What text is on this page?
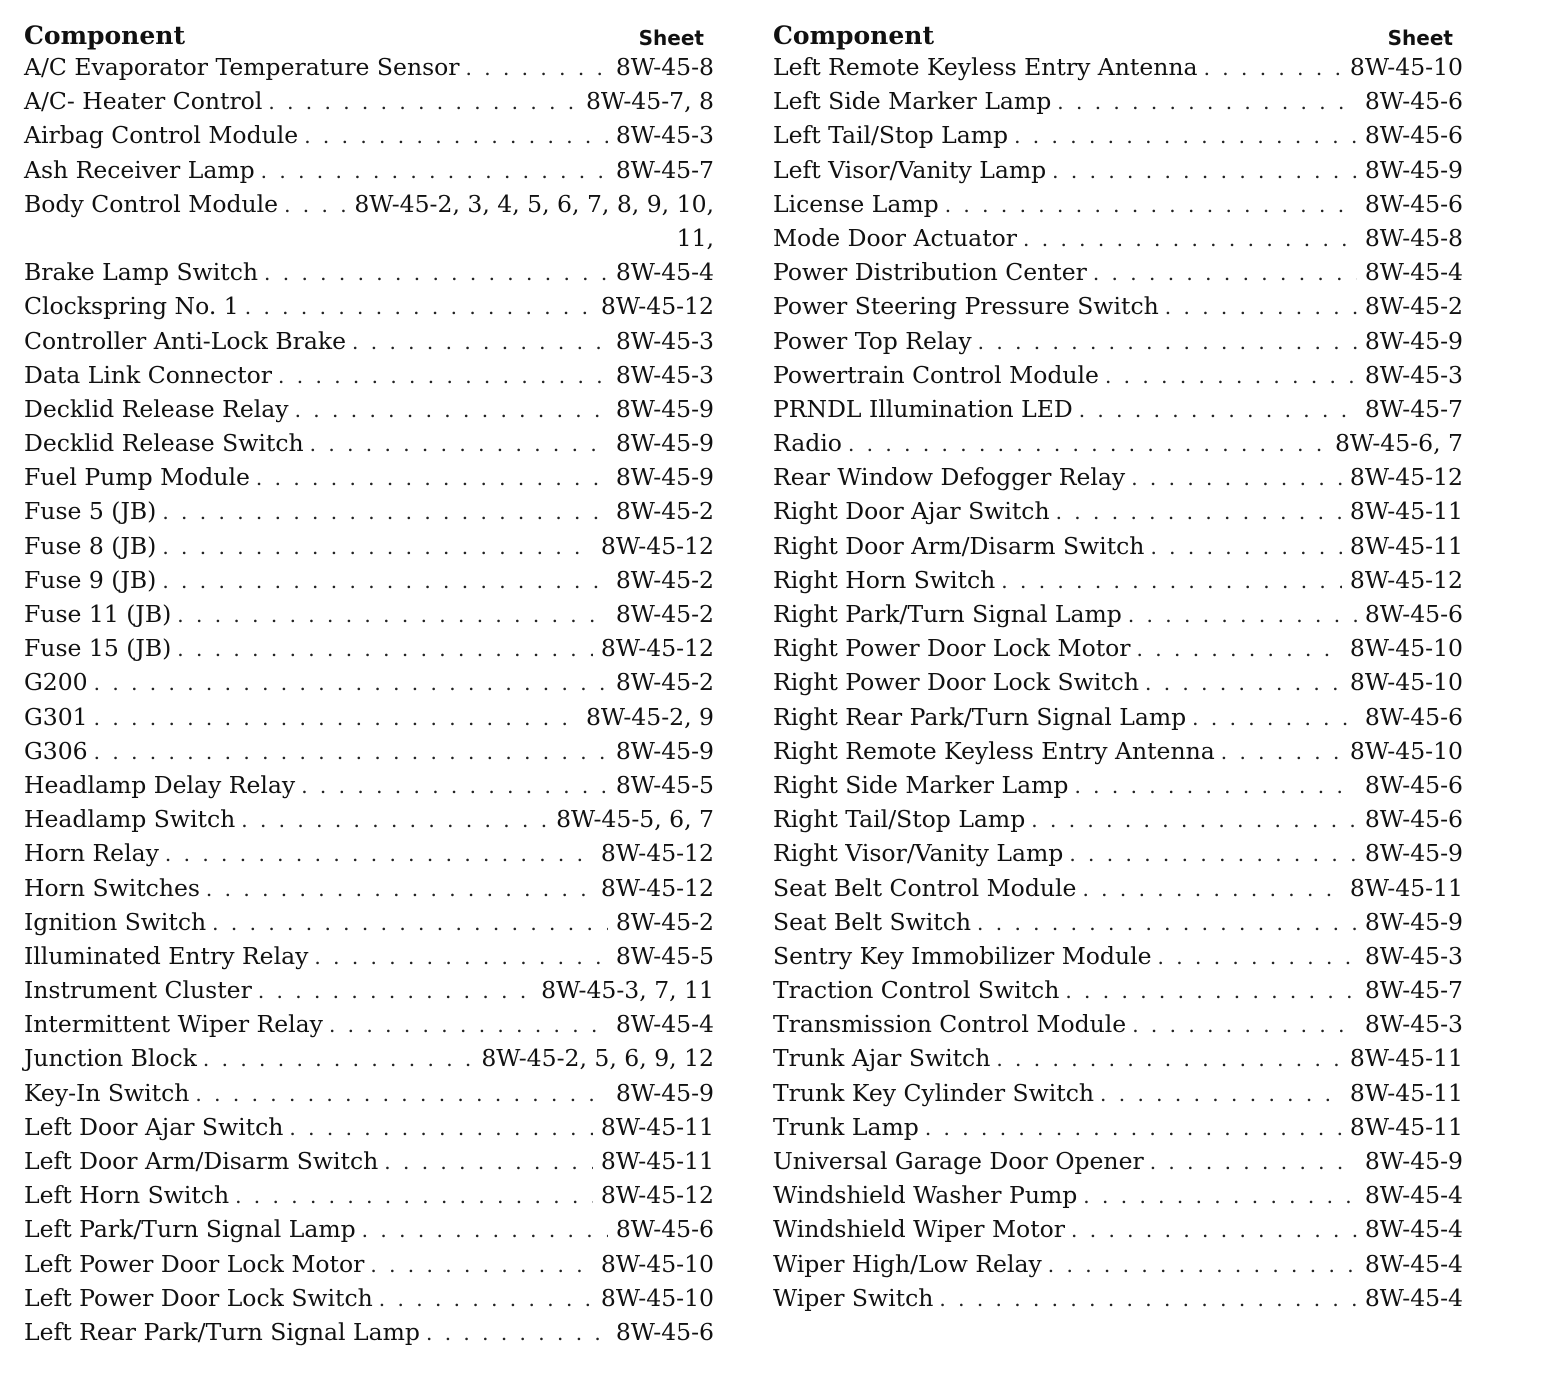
Component	Sheet
A/C Evaporator Temperature Sensor . . .	8W-45-8
A/C- Heater Control . . .	8W-45-7, 8
Airbag Control Module . . .	8W-45-3
Ash Receiver Lamp . . .	8W-45-7
Body Control Module . . .	8W-45-2, 3, 4, 5, 6, 7, 8, 9, 10,
11,
Brake Lamp Switch . . .	8W-45-4
Clockspring No. 1 . . .	8W-45-12
Controller Anti-Lock Brake . . .	8W-45-3
Data Link Connector . . .	8W-45-3
Decklid Release Relay . . .	8W-45-9
Decklid Release Switch . . .	8W-45-9
Fuel Pump Module . . .	8W-45-9
Fuse 5 (JB) . . .	8W-45-2
Fuse 8 (JB) . . .	8W-45-12
Fuse 9 (JB) . . .	8W-45-2
Fuse 11 (JB) . . .	8W-45-2
Fuse 15 (JB) . . .	8W-45-12
G200 . . .	8W-45-2
G301 . . .	8W-45-2, 9
G306 . . .	8W-45-9
Headlamp Delay Relay . . .	8W-45-5
Headlamp Switch . . .	8W-45-5, 6, 7
Horn Relay . . .	8W-45-12
Horn Switches . . .	8W-45-12
Ignition Switch . . .	8W-45-2
Illuminated Entry Relay . . .	8W-45-5
Instrument Cluster . . .	8W-45-3, 7, 11
Intermittent Wiper Relay . . .	8W-45-4
Junction Block . . .	8W-45-2, 5, 6, 9, 12
Key-In Switch . . .	8W-45-9
Left Door Ajar Switch . . .	8W-45-11
Left Door Arm/Disarm Switch . . .	8W-45-11
Left Horn Switch . . .	8W-45-12
Left Park/Turn Signal Lamp . . .	8W-45-6
Left Power Door Lock Motor . . .	8W-45-10
Left Power Door Lock Switch . . .	8W-45-10
Left Rear Park/Turn Signal Lamp . . .	8W-45-6
Component	Sheet
Left Remote Keyless Entry Antenna . . .	8W-45-10
Left Side Marker Lamp . . .	8W-45-6
Left Tail/Stop Lamp . . .	8W-45-6
Left Visor/Vanity Lamp . . .	8W-45-9
License Lamp . . .	8W-45-6
Mode Door Actuator . . .	8W-45-8
Power Distribution Center . . .	8W-45-4
Power Steering Pressure Switch . . .	8W-45-2
Power Top Relay . . .	8W-45-9
Powertrain Control Module . . .	8W-45-3
PRNDL Illumination LED . . .	8W-45-7
Radio . . .	8W-45-6, 7
Rear Window Defogger Relay . . .	8W-45-12
Right Door Ajar Switch . . .	8W-45-11
Right Door Arm/Disarm Switch . . .	8W-45-11
Right Horn Switch . . .	8W-45-12
Right Park/Turn Signal Lamp . . .	8W-45-6
Right Power Door Lock Motor . . .	8W-45-10
Right Power Door Lock Switch . . .	8W-45-10
Right Rear Park/Turn Signal Lamp . . .	8W-45-6
Right Remote Keyless Entry Antenna . . .	8W-45-10
Right Side Marker Lamp . . .	8W-45-6
Right Tail/Stop Lamp . . .	8W-45-6
Right Visor/Vanity Lamp . . .	8W-45-9
Seat Belt Control Module . . .	8W-45-11
Seat Belt Switch . . .	8W-45-9
Sentry Key Immobilizer Module . . .	8W-45-3
Traction Control Switch . . .	8W-45-7
Transmission Control Module . . .	8W-45-3
Trunk Ajar Switch . . .	8W-45-11
Trunk Key Cylinder Switch . . .	8W-45-11
Trunk Lamp . . .	8W-45-11
Universal Garage Door Opener . . .	8W-45-9
Windshield Washer Pump . . .	8W-45-4
Windshield Wiper Motor . . .	8W-45-4
Wiper High/Low Relay . . .	8W-45-4
Wiper Switch . . .	8W-45-4
